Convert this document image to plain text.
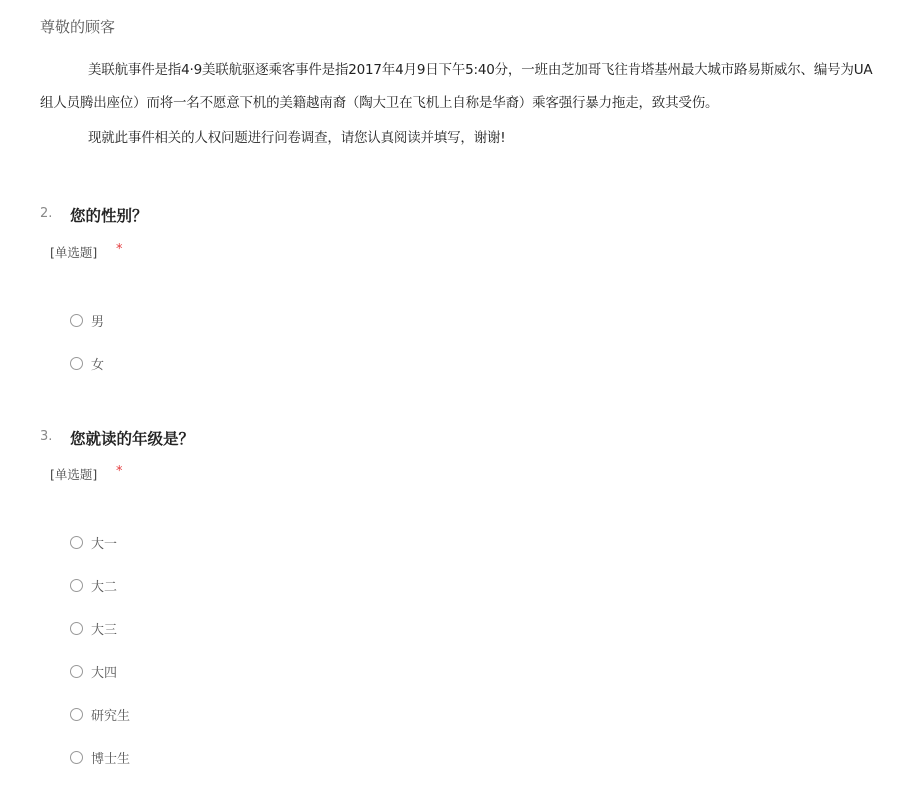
尊敬的顾客
美联航事件是指4·9美联航驱逐乘客事件是指2017年4月9日下午5:40分，一班由芝加哥飞往肯塔基州最大城市路易斯威尔、编号为UA
组人员腾出座位）而将一名不愿意下机的美籍越南裔（陶大卫在飞机上自称是华裔）乘客强行暴力拖走，致其受伤。
现就此事件相关的人权问题进行问卷调查，请您认真阅读并填写，谢谢!
2. 您的性别？
[单选题] *
男
女
3. 您就读的年级是？
[单选题] *
大一
大二
大三
大四
研究生
博士生
